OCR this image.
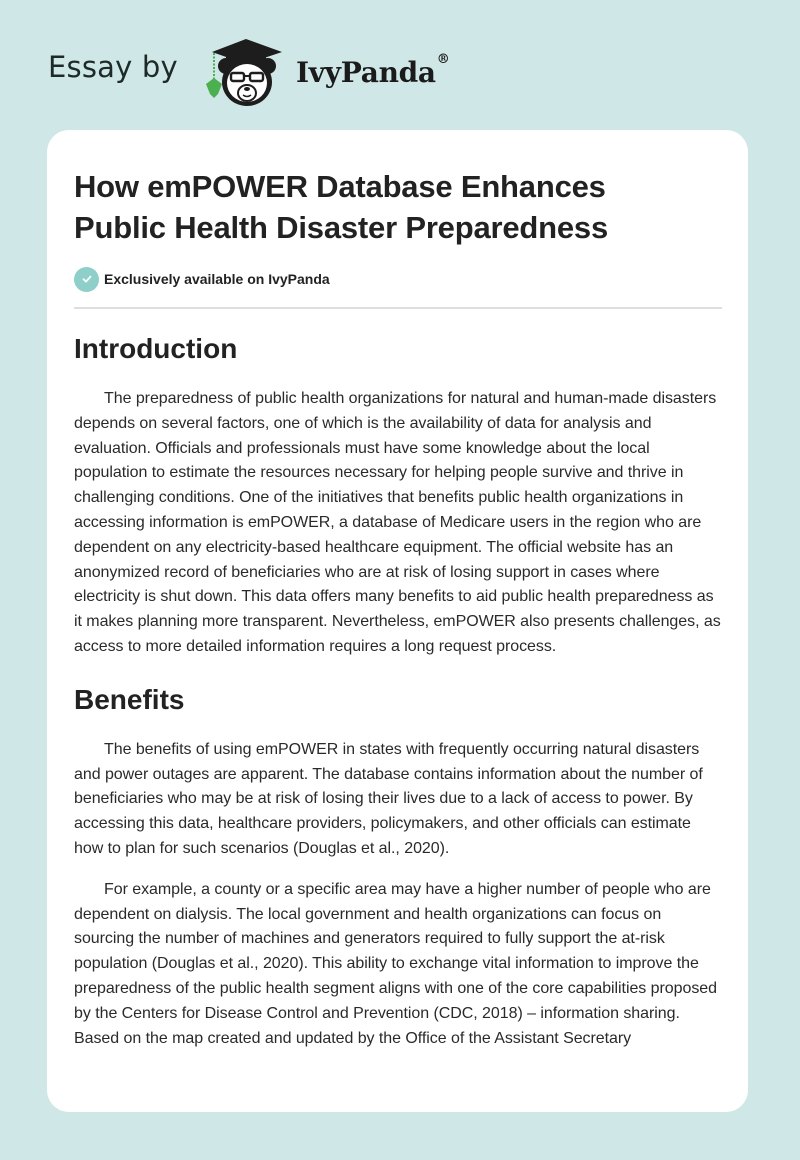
Essay by	IvyPanda®
How emPOWER Database Enhances
Public Health Disaster Preparedness
Exclusively available on IvyPanda
Introduction

The preparedness of public health organizations for natural and human-made disasters depends on several factors, one of which is the availability of data for analysis and evaluation. Officials and professionals must have some knowledge about the local population to estimate the resources necessary for helping people survive and thrive in challenging conditions. One of the initiatives that benefits public health organizations in accessing information is emPOWER, a database of Medicare users in the region who are dependent on any electricity-based healthcare equipment. The official website has an anonymized record of beneficiaries who are at risk of losing support in cases where electricity is shut down. This data offers many benefits to aid public health preparedness as it makes planning more transparent. Nevertheless, emPOWER also presents challenges, as access to more detailed information requires a long request process.

Benefits

The benefits of using emPOWER in states with frequently occurring natural disasters and power outages are apparent. The database contains information about the number of beneficiaries who may be at risk of losing their lives due to a lack of access to power. By accessing this data, healthcare providers, policymakers, and other officials can estimate how to plan for such scenarios (Douglas et al., 2020).

For example, a county or a specific area may have a higher number of people who are dependent on dialysis. The local government and health organizations can focus on sourcing the number of machines and generators required to fully support the at-risk population (Douglas et al., 2020). This ability to exchange vital information to improve the preparedness of the public health segment aligns with one of the core capabilities proposed by the Centers for Disease Control and Prevention (CDC, 2018) – information sharing. Based on the map created and updated by the Office of the Assistant Secretary
